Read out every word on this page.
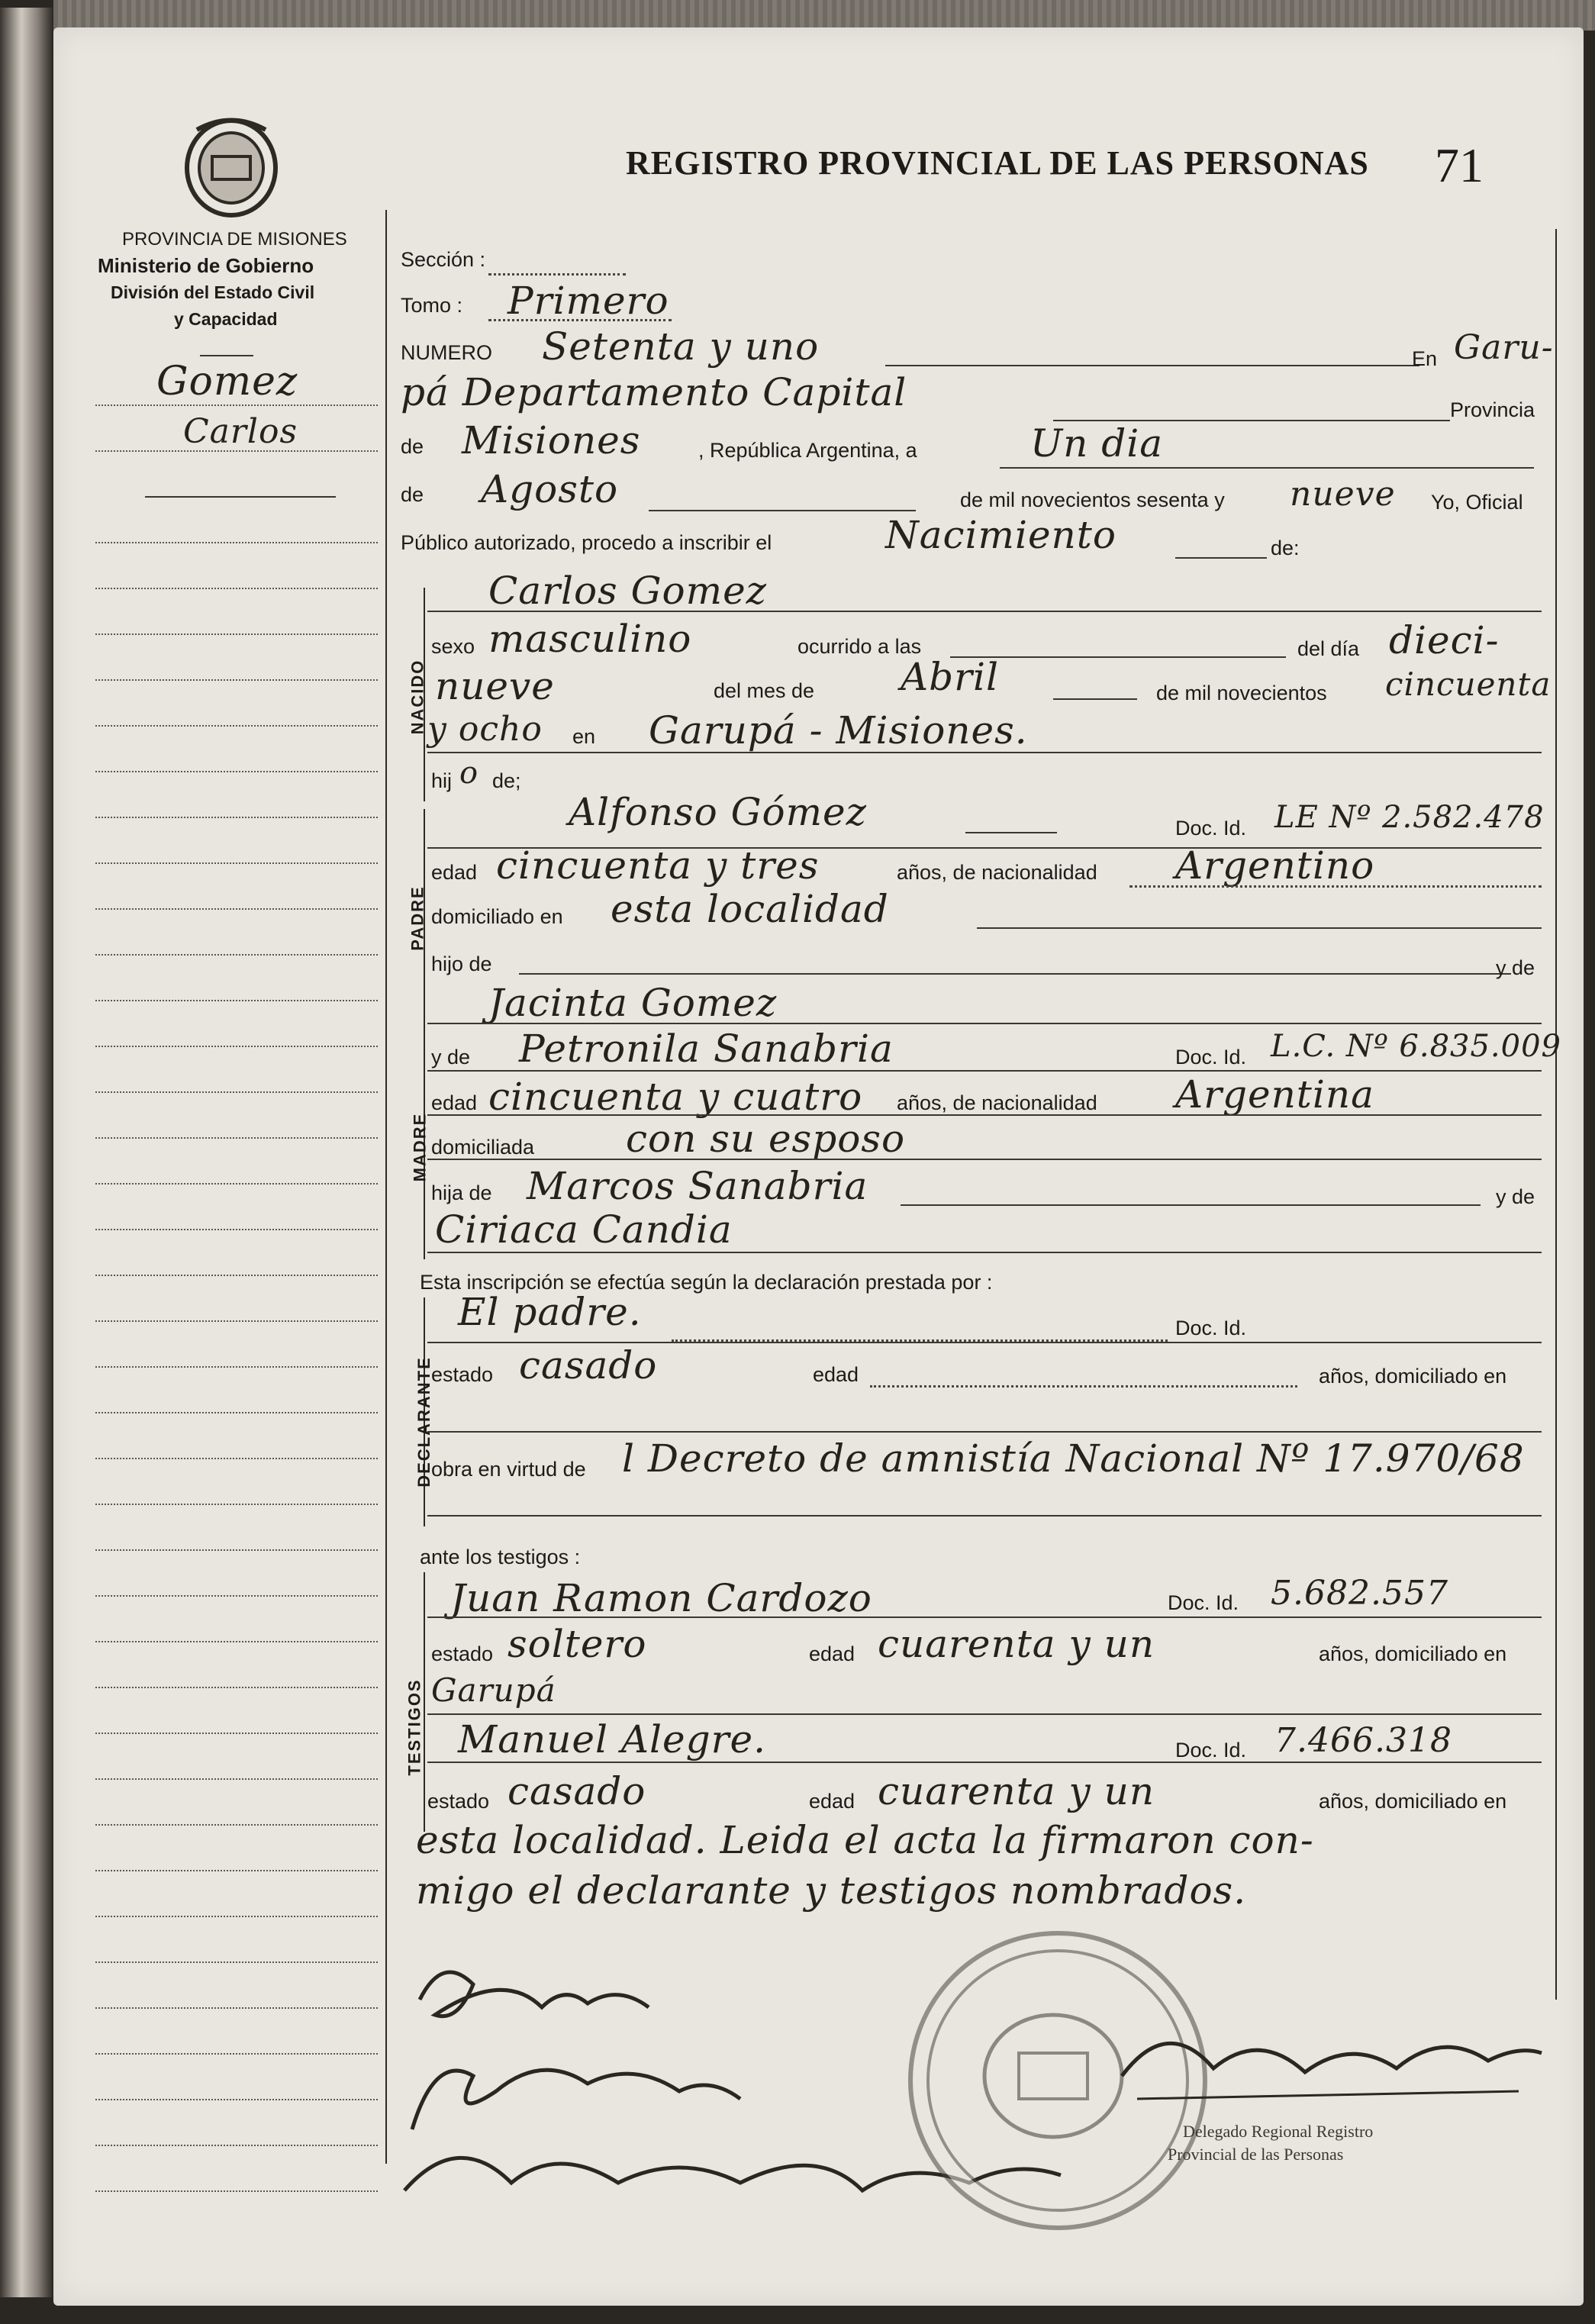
PROVINCIA DE MISIONES
Ministerio de Gobierno
División del Estado Civil
y Capacidad
REGISTRO PROVINCIAL DE LAS PERSONAS 71
Gomez
Carlos
Sección :
Tomo : Primero
NUMERO Setenta y uno	En Garu-
pá Departamento Capital	Provincia
de Misiones	, República Argentina, a	Un dia
de Agosto	de mil novecientos sesenta y nueve Yo, Oficial
Público autorizado, procedo a inscribir el	Nacimiento	de:
NACIDO
Carlos Gomez
sexo masculino	ocurrido a las	del día dieci-
nueve	del mes de Abril	de mil novecientos cincuenta
y ocho en Garupá - Misiones.
hij o de;
PADRE
Alfonso Gómez	Doc. Id. LE Nº 2.582.478
edad cincuenta y tres	años, de nacionalidad Argentino
domiciliado en esta localidad
hijo de	y de
Jacinta Gomez
MADRE
y de Petronila Sanabria	Doc. Id. L.C. Nº 6.835.009
edad cincuenta y cuatro años, de nacionalidad Argentina
domiciliada con su esposo
hija de Marcos Sanabria	y de
Ciriaca Candia
Esta inscripción se efectúa según la declaración prestada por :
DECLARANTE
El padre.	Doc. Id.
estado casado	edad	años, domiciliado en
obra en virtud de l Decreto de amnistía Nacional Nº 17.970/68
ante los testigos :
TESTIGOS
Juan Ramon Cardozo	Doc. Id. 5.682.557
estado soltero	edad cuarenta y un	años, domiciliado en
Garupá
Manuel Alegre.	Doc. Id. 7.466.318
estado casado	edad cuarenta y un	años, domiciliado en
esta localidad. Leida el acta la firmaron con-
migo el declarante y testigos nombrados.
Delegado Regional Registro
Provincial de las Personas
